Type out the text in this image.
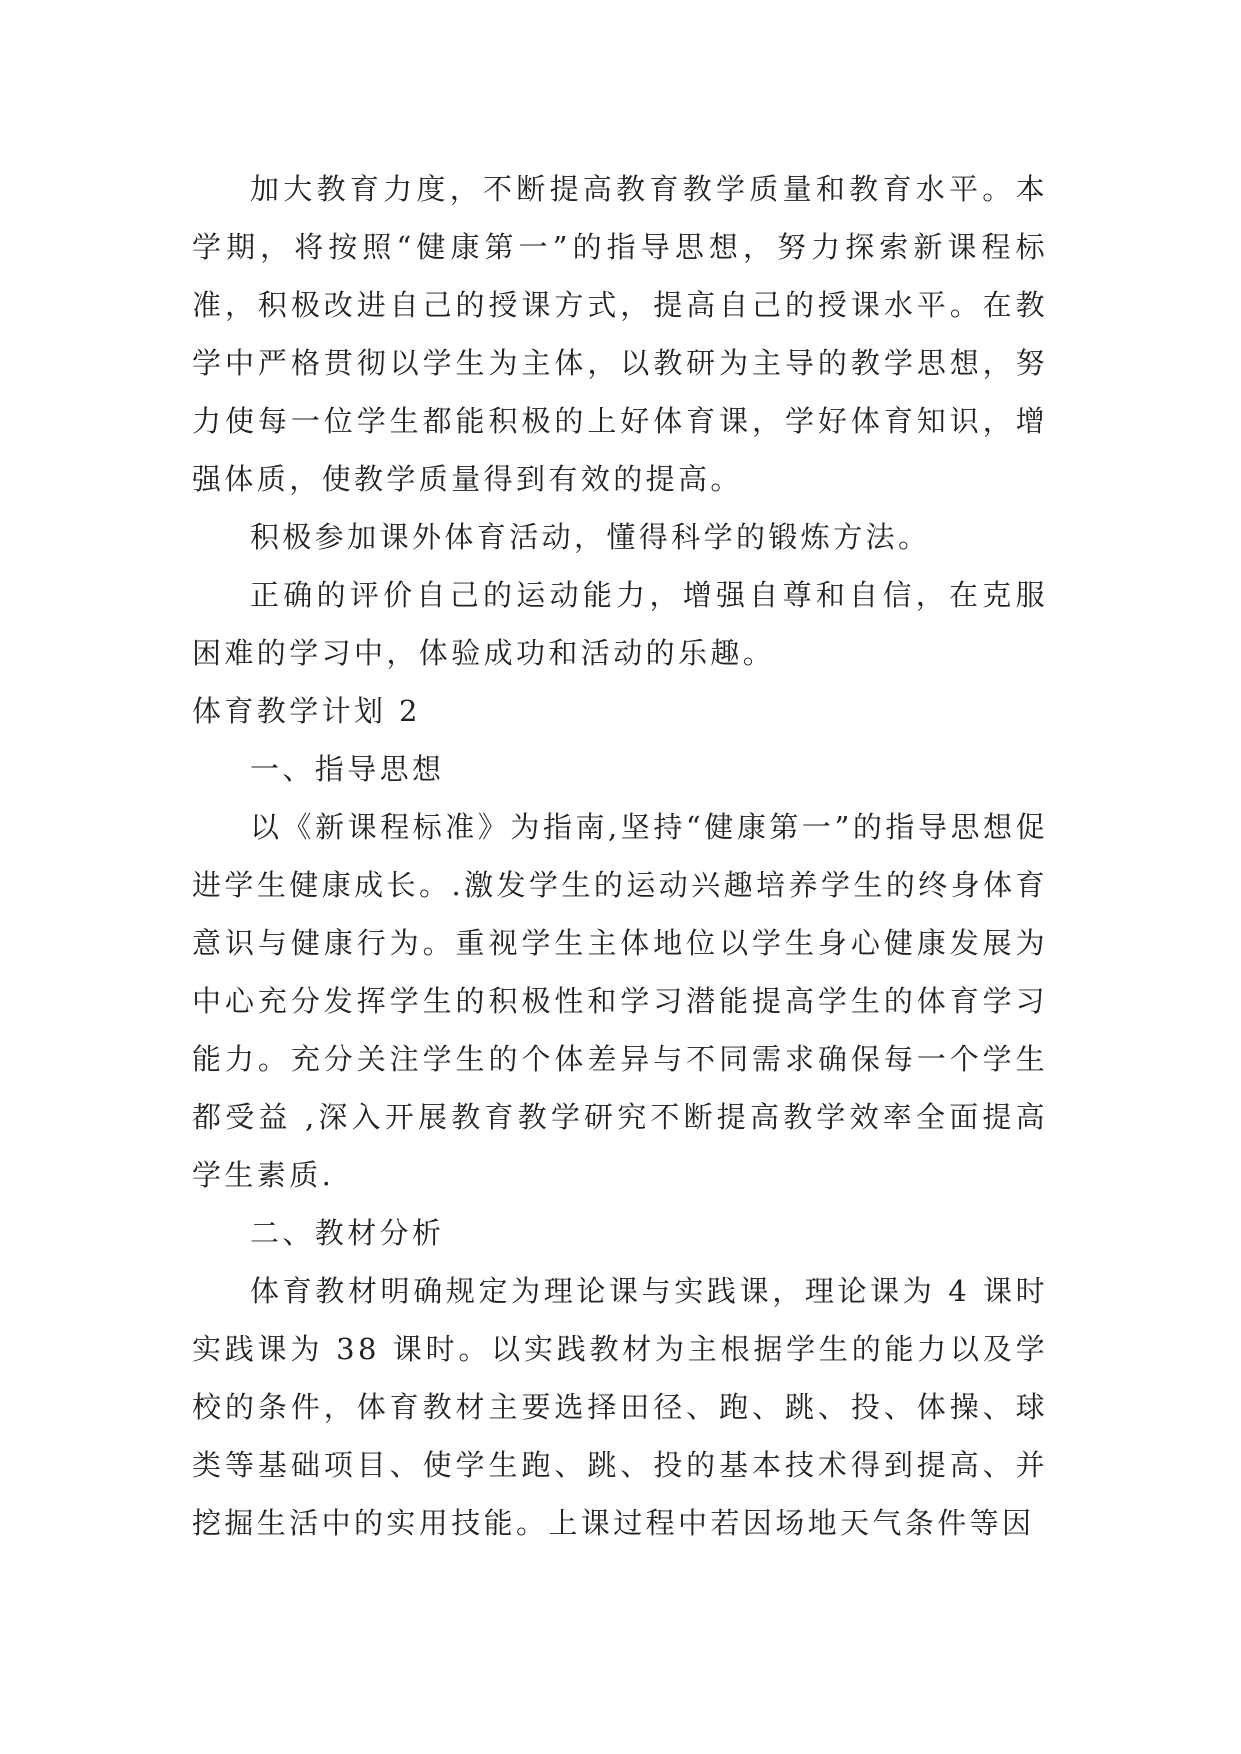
加大教育力度，不断提高教育教学质量和教育水平。本学期，将按照“健康第一”的指导思想，努力探索新课程标准，积极改进自己的授课方式，提高自己的授课水平。在教学中严格贯彻以学生为主体，以教研为主导的教学思想，努力使每一位学生都能积极的上好体育课，学好体育知识，增强体质，使教学质量得到有效的提高。

积极参加课外体育活动，懂得科学的锻炼方法。

正确的评价自己的运动能力，增强自尊和自信，在克服困难的学习中，体验成功和活动的乐趣。

体育教学计划 2
一、指导思想

以《新课程标准》为指南,坚持“健康第一”的指导思想促进学生健康成长。.激发学生的运动兴趣培养学生的终身体育意识与健康行为。重视学生主体地位以学生身心健康发展为中心充分发挥学生的积极性和学习潜能提高学生的体育学习能力。充分关注学生的个体差异与不同需求确保每一个学生都受益 ,深入开展教育教学研究不断提高教学效率全面提高学生素质.

二、教材分析

体育教材明确规定为理论课与实践课，理论课为 4 课时实践课为 38 课时。以实践教材为主根据学生的能力以及学校的条件，体育教材主要选择田径、跑、跳、投、体操、球类等基础项目、使学生跑、跳、投的基本技术得到提高、并挖掘生活中的实用技能。上课过程中若因场地天气条件等因
